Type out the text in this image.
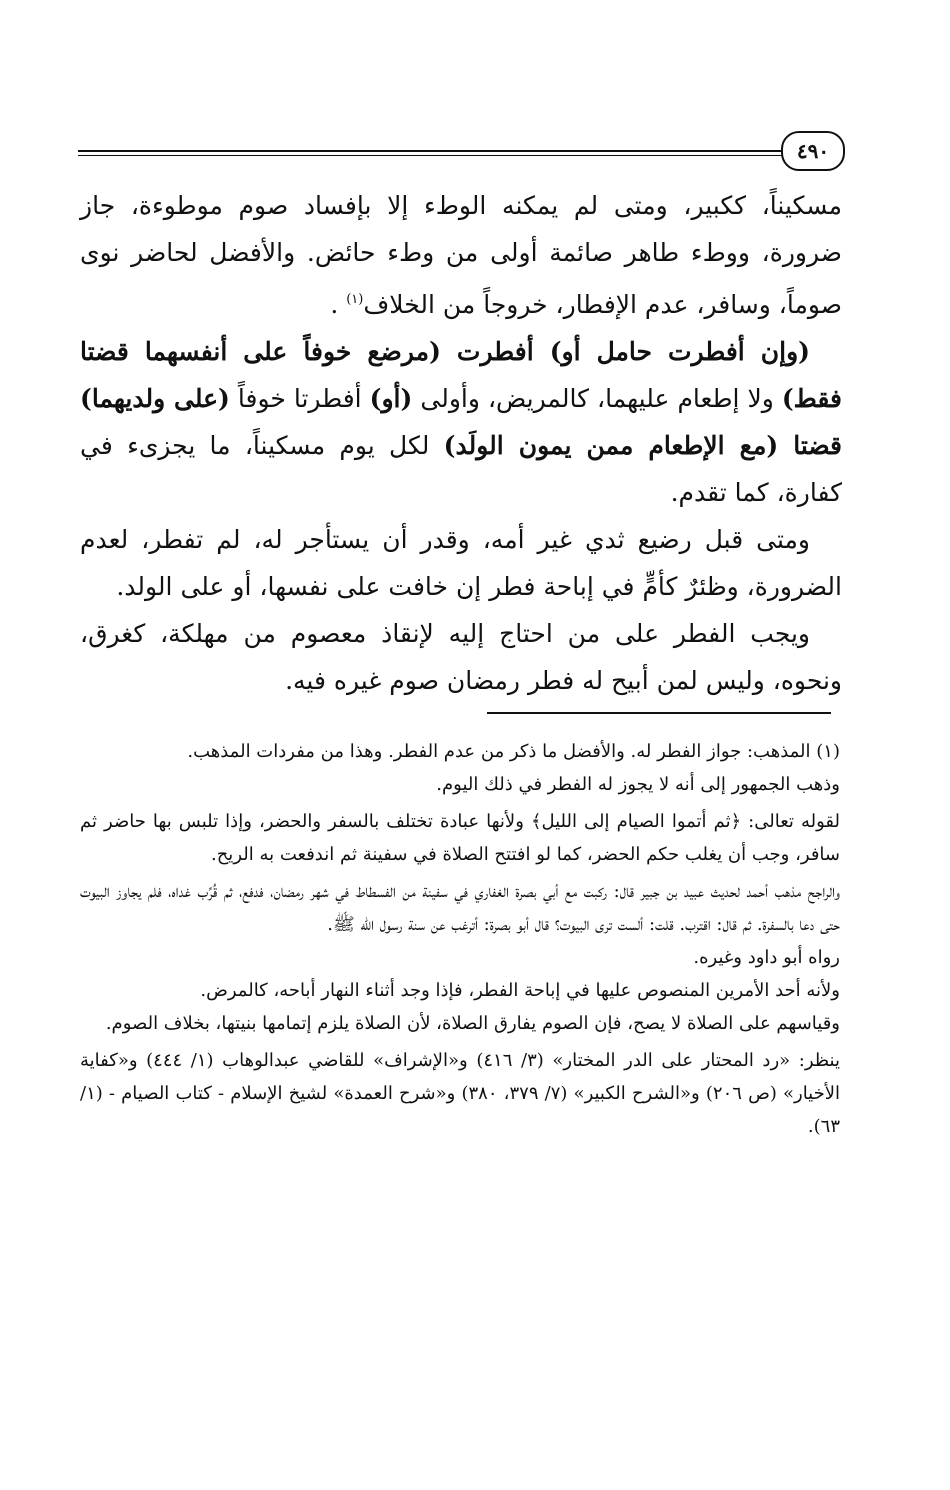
٤٩٠

مسكيناً، ككبير، ومتى لم يمكنه الوطء إلا بإفساد صوم موطوءة، جاز ضرورة، ووطء طاهر صائمة أولى من وطء حائض. والأفضل لحاضر نوى صوماً، وسافر، عدم الإفطار، خروجاً من الخلاف$^{(١)}$ .

(وإن أفطرت حامل أو) أفطرت (مرضع خوفاً على أنفسهما قضتا فقط) ولا إطعام عليهما، كالمريض، وأولى (أو) أفطرتا خوفاً (على ولديهما) قضتا (مع الإطعام ممن يمون الولَد) لكل يوم مسكيناً، ما يجزىء في كفارة، كما تقدم.

ومتى قبل رضيع ثدي غير أمه، وقدر أن يستأجر له، لم تفطر، لعدم الضرورة، وظئرٌ كأمٍّ في إباحة فطر إن خافت على نفسها، أو على الولد.

ويجب الفطر على من احتاج إليه لإنقاذ معصوم من مهلكة، كغرق، ونحوه، وليس لمن أبيح له فطر رمضان صوم غيره فيه.

(١) المذهب: جواز الفطر له. والأفضل ما ذكر من عدم الفطر. وهذا من مفردات المذهب.

وذهب الجمهور إلى أنه لا يجوز له الفطر في ذلك اليوم.

لقوله تعالى: ﴿ثم أتموا الصيام إلى الليل﴾ ولأنها عبادة تختلف بالسفر والحضر، وإذا تلبس بها حاضر ثم سافر، وجب أن يغلب حكم الحضر، كما لو افتتح الصلاة في سفينة ثم اندفعت به الريح.

والراجح مذهب أحمد لحديث عبيد بن جبير قال: ركبت مع أبي بصرة الغفاري في سفينة من الفسطاط في شهر رمضان، فدفع، ثم قُرِّب غداه، فلم يجاوز البيوت حتى دعا بالسفرة. ثم قال: اقترب. قلت: ألست ترى البيوت؟ قال أبو بصرة: أترغب عن سنة رسول الله ﷺ.

رواه أبو داود وغيره.

ولأنه أحد الأمرين المنصوص عليها في إباحة الفطر، فإذا وجد أثناء النهار أباحه، كالمرض.

وقياسهم على الصلاة لا يصح، فإن الصوم يفارق الصلاة، لأن الصلاة يلزم إتمامها بنيتها، بخلاف الصوم.

ينظر: «رد المحتار على الدر المختار» (٣/ ٤١٦) و«الإشراف» للقاضي عبدالوهاب (١/ ٤٤٤) و«كفاية الأخيار» (ص ٢٠٦) و«الشرح الكبير» (٧/ ٣٧٩، ٣٨٠) و«شرح العمدة» لشيخ الإسلام - كتاب الصيام - (١/ ٦٣).
